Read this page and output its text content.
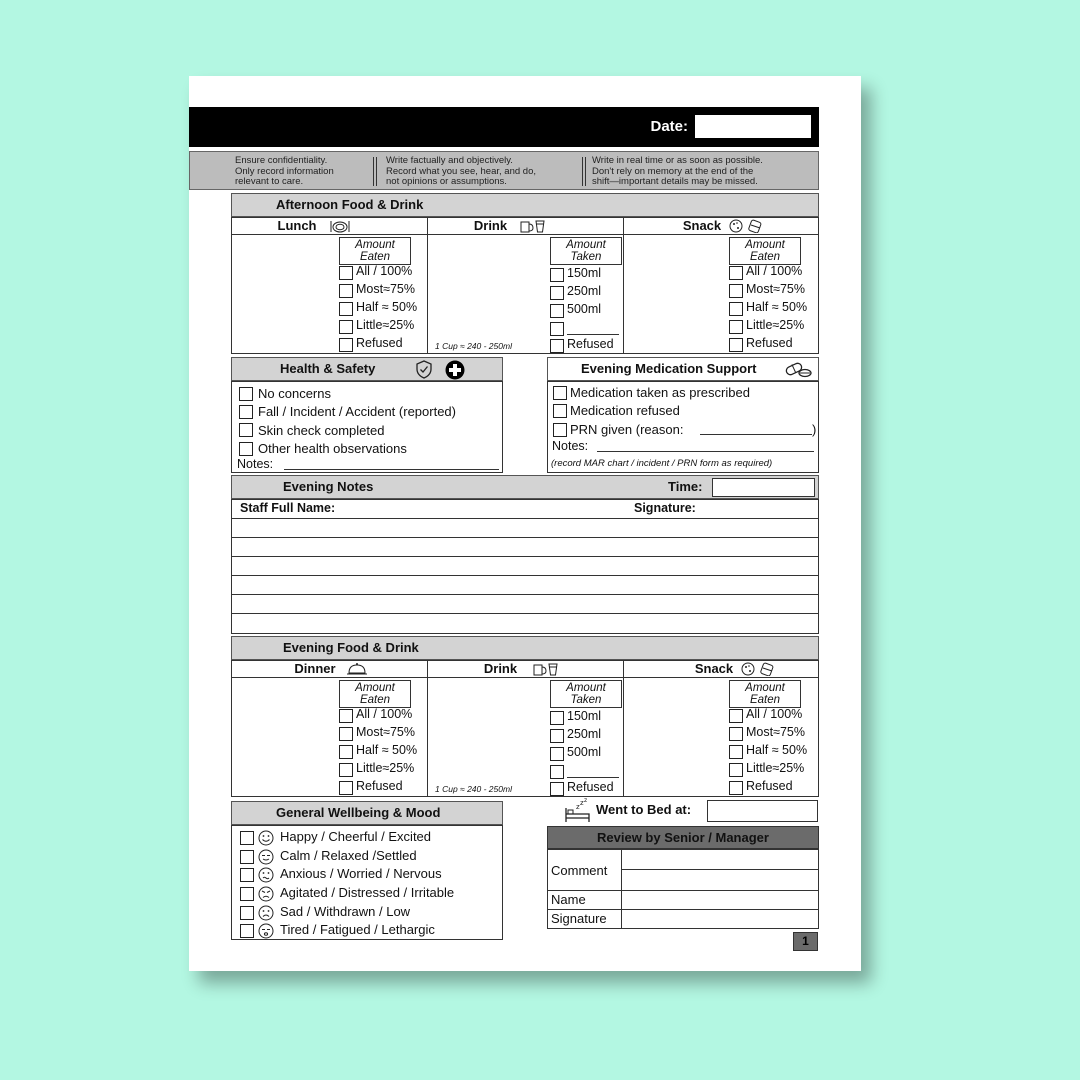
Date:
Ensure confidentiality.
Only record information
relevant to care.
Write factually and objectively.
Record what you see, hear, and do,
not opinions or assumptions.
Write in real time or as soon as possible.
Don't rely on memory at the end of the
shift—important details may be missed.
Afternoon Food & Drink
Lunch	Drink	Snack
Amount
Eaten
Amount
Taken
Amount
Eaten
All / 100%
Most≈75%
Half ≈ 50%
Little≈25%
Refused	1 Cup ≈ 240 - 250ml
150ml
250ml
500ml
Refused
All / 100%
Most≈75%
Half ≈ 50%
Little≈25%
Refused
Health & Safety
No concerns
Fall / Incident / Accident (reported)
Skin check completed
Other health observations
Notes:
Evening Medication Support
Medication taken as prescribed
Medication refused
PRN given (reason:	)
Notes:
(record MAR chart / incident / PRN form as required)
Evening Notes	Time:
Staff Full Name:	Signature:
Evening Food & Drink
Dinner	Drink	Snack
Amount
Eaten
Amount
Taken
Amount
Eaten
All / 100%
Most≈75%
Half ≈ 50%
Little≈25%
Refused	1 Cup ≈ 240 - 250ml
150ml
250ml
500ml
Refused
All / 100%
Most≈75%
Half ≈ 50%
Little≈25%
Refused
General Wellbeing & Mood
Happy / Cheerful / Excited
Calm / Relaxed /Settled
Anxious / Worried / Nervous
Agitated / Distressed / Irritable
Sad / Withdrawn / Low
Tired / Fatigued / Lethargic
z z z
Went to Bed at:
Review by Senior / Manager
Comment
Name
Signature
1
